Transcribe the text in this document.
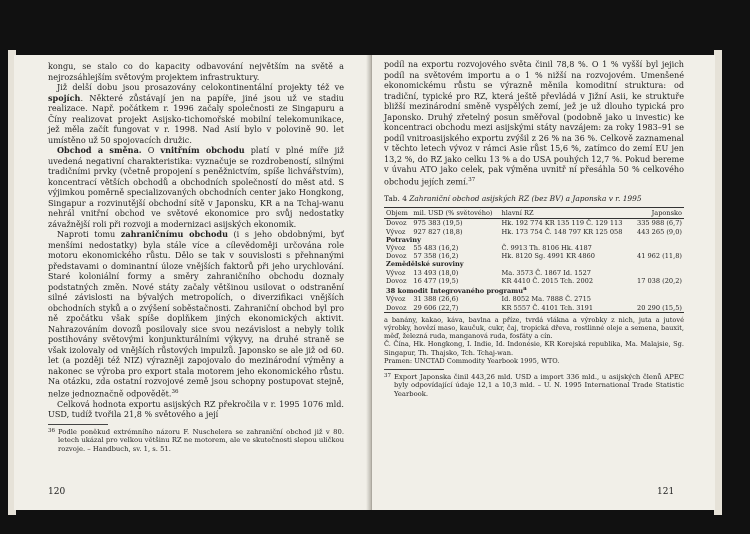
kongu, se stalo co do kapacity odbavování největším na světě a nejrozsáhlejším světovým projektem infrastruktury.

Již delší dobu jsou prosazovány celokontinentální projekty též ve spojích. Některé zůstávají jen na papíře, jiné jsou už ve stadiu realizace. Např. počátkem r. 1996 začaly společnosti ze Singapuru a Číny realizovat projekt Asijsko-tichomořské mobilní telekomunikace, jež měla začít fungovat v r. 1998. Nad Asií bylo v polovině 90. let umístěno už 50 spojovacích družic.

Obchod a směna. O vnitřním obchodu platí v plné míře již uvedená negativní charakteristika: vyznačuje se rozdrobeností, silnými tradičními prvky (včetně propojení s peněžnictvím, spíše lichvářstvím), koncentrací větších obchodů a obchodních společností do měst atd. S výjimkou poměrně specializovaných obchodních center jako Hongkong, Singapur a rozvinutější obchodní sítě v Japonsku, KR a na Tchaj-wanu nehrál vnitřní obchod ve světové ekonomice pro svůj nedostatky závažnější roli při rozvoji a modernizaci asijských ekonomik.

Naproti tomu zahraničnímu obchodu (i s jeho obdobnými, byť menšími nedostatky) byla stále více a cílevědoměji určována role motoru ekonomického růstu. Dělo se tak v souvislosti s přehnanými představami o dominantní úloze vnějších faktorů při jeho urychlování. Staré koloniální formy a směry zahraničního obchodu doznaly podstatných změn. Nové státy začaly většinou usilovat o odstranění silné závislosti na bývalých metropolích, o diverzifikaci vnějších obchodních styků a o zvýšení soběstačnosti. Zahraniční obchod byl pro ně zpočátku však spíše doplňkem jiných ekonomických aktivit. Nahrazováním dovozů posilovaly sice svou nezávislost a nebyly tolik postihovány světovými konjunkturálními výkyvy, na druhé straně se však izolovaly od vnějších růstových impulzů. Japonsko se ale již od 60. let (a později též NIZ) výrazněji zapojovalo do mezinárodní výměny a nakonec se výroba pro export stala motorem jeho ekonomického růstu. Na otázku, zda ostatní rozvojové země jsou schopny postupovat stejně, nelze jednoznačně odpovědět.$^{36}$

Celková hodnota exportu asijských RZ překročila v r. 1995 1076 mld. USD, tudíž tvořila 21,8 % světového a její

36 Podle poněkud extrémního názoru F. Nuschelera se zahraniční obchod již v 80. letech ukázal pro velkou většinu RZ ne motorem, ale ve skutečnosti slepou uličkou rozvoje. – Handbuch, sv. 1, s. 51.

120

podíl na exportu rozvojového světa činil 78,8 %. O 1 % vyšší byl jejich podíl na světovém importu a o 1 % nižší na rozvojovém. Umenšené ekonomickému růstu se výrazně měnila komoditní struktura: od tradiční, typické pro RZ, která ještě převládá v Jižní Asii, ke struktuře bližší mezinárodní směně vyspělých zemí, jež je už dlouho typická pro Japonsko. Druhý zřetelný posun směřoval (podobně jako u investic) ke koncentraci obchodu mezi asijskými státy navzájem: za roky 1983–91 se podíl vnitroasijského exportu zvýšil z 26 % na 36 %. Celkově zaznamenal v těchto letech vývoz v rámci Asie růst 15,6 %, zatímco do zemí EU jen 13,2 %, do RZ jako celku 13 % a do USA pouhých 12,7 %. Pokud bereme v úvahu ATO jako celek, pak výměna uvnitř ní přesáhla 50 % celkového obchodu jejích zemí.$^{37}$

Tab. 4 Zahraniční obchod asijských RZ (bez BV) a Japonska v r. 1995
Objem	mil. USD (% světového)	hlavní RZ	Japonsko
Dovoz	975 383 (19,5)	Hk. 192 774 KR 135 119 Č. 129 113	335 988 (6,7)
Vývoz	927 827 (18,8)	Hk. 173 754 Č. 148 797 KR 125 058	443 265 (9,0)
Potraviny			
Vývoz	55 483 (16,2)	Č. 9913 Th. 8106 Hk. 4187	
Dovoz	57 358 (16,2)	Hk. 8120 Sg. 4991 KR 4860	41 962 (11,8)
Zemědělské suroviny			
Vývoz	13 493 (18,0)	Ma. 3573 Č. 1867 Id. 1527	
Dovoz	16 477 (19,5)	KR 4410 Č. 2015 Tch. 2002	17 038 (20,2)
38 komodit Integrovaného programu$^a$
Vývoz	31 388 (26,6)	Id. 8052 Ma. 7888 Č. 2715	
Dovoz	29 606 (22,7)	KR 5557 Č. 4101 Tch. 3191	20 290 (15,5)

a banány, kakao, káva, bavlna a příze, tvrdá vlákna a výrobky z nich, juta a jutové výrobky, hovězí maso, kaučuk, cukr, čaj, tropická dřeva, rostlinné oleje a semena, bauxit, měď, železná ruda, manganová ruda, fosfáty a cín.

Č. Čína, Hk. Hongkong, I. Indie, Id. Indonésie, KR Korejská republika, Ma. Malajsie, Sg. Singapur, Th. Thajsko, Tch. Tchaj-wan.

Pramen: UNCTAD Commodity Yearbook 1995, WTO.

37 Export Japonska činil 443,26 mld. USD a import 336 mld., u asijských členů APEC byly odpovídající údaje 12,1 a 10,3 mld. – U. N. 1995 International Trade Statistic Yearbook.

121
